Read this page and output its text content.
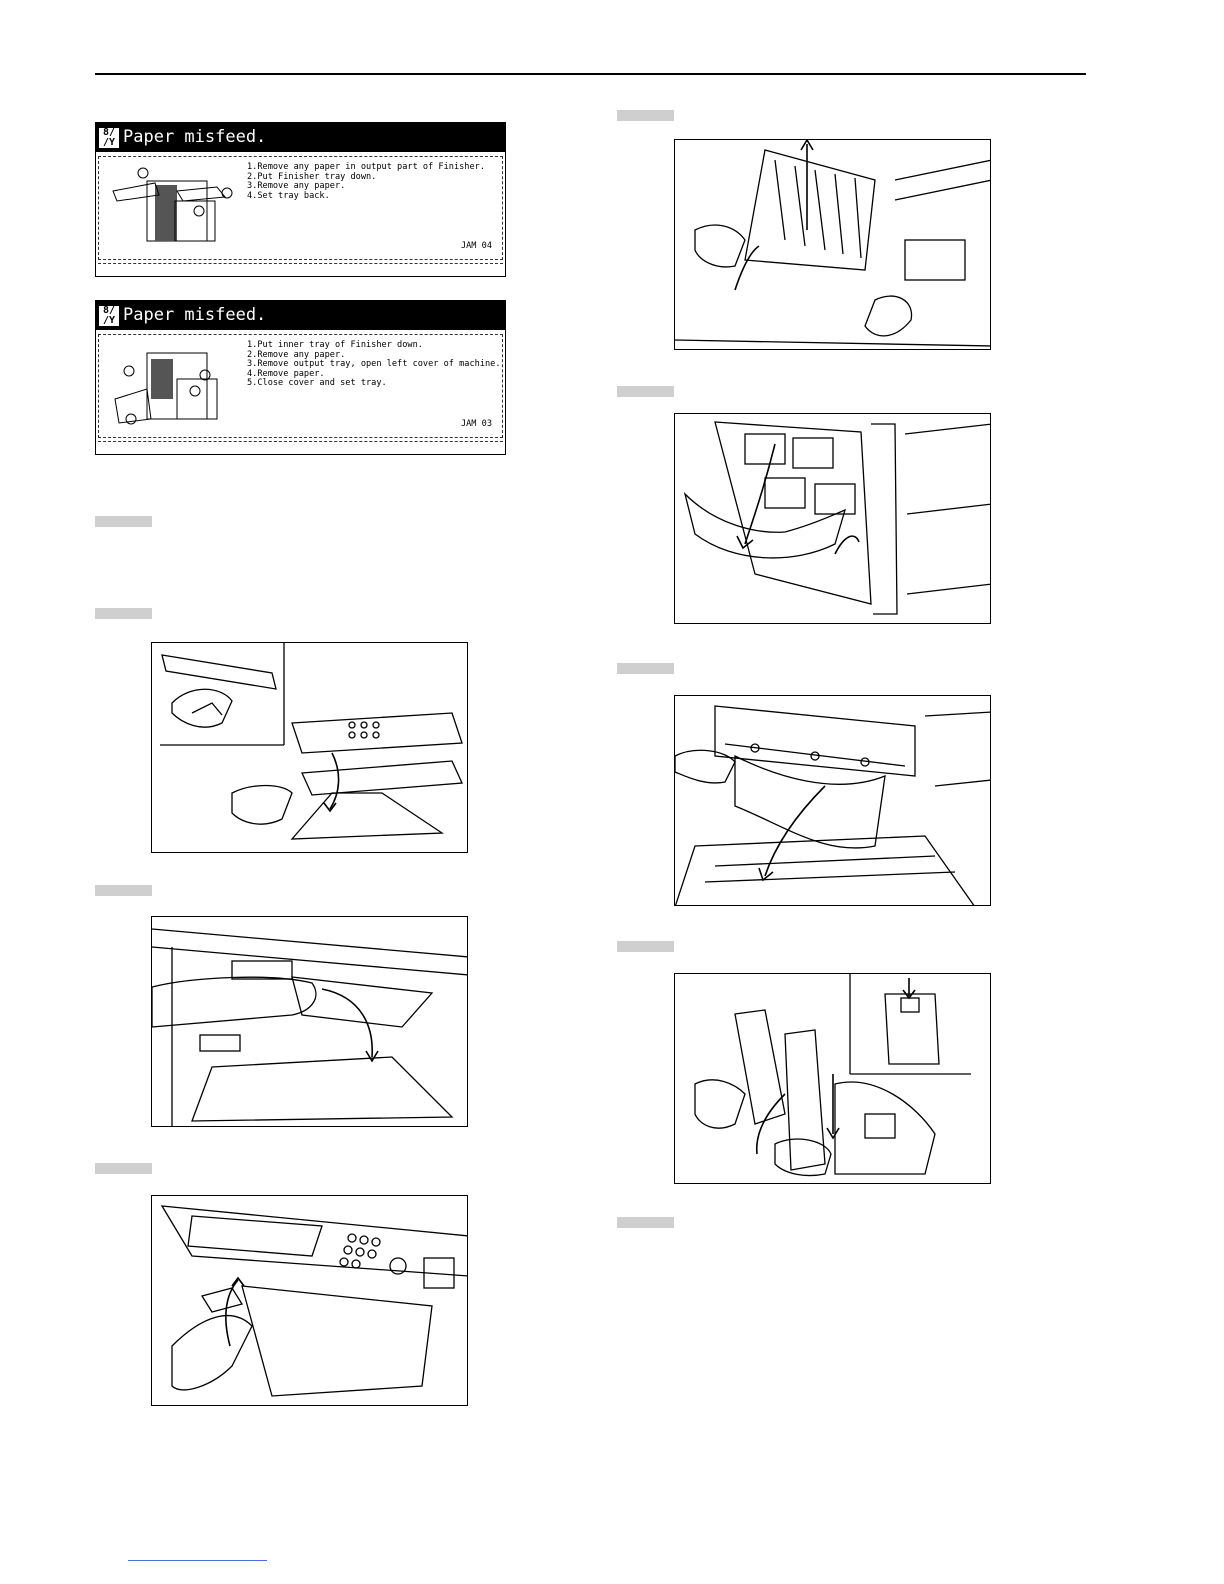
8/
/Y Paper misfeed.
1.Remove any paper in output part of Finisher.
2.Put Finisher tray down.
3.Remove any paper.
4.Set tray back.
JAM 04
8/
/Y Paper misfeed.
1.Put inner tray of Finisher down.
2.Remove any paper.
3.Remove output tray, open left cover of machine.
4.Remove paper.
5.Close cover and set tray.
JAM 03
